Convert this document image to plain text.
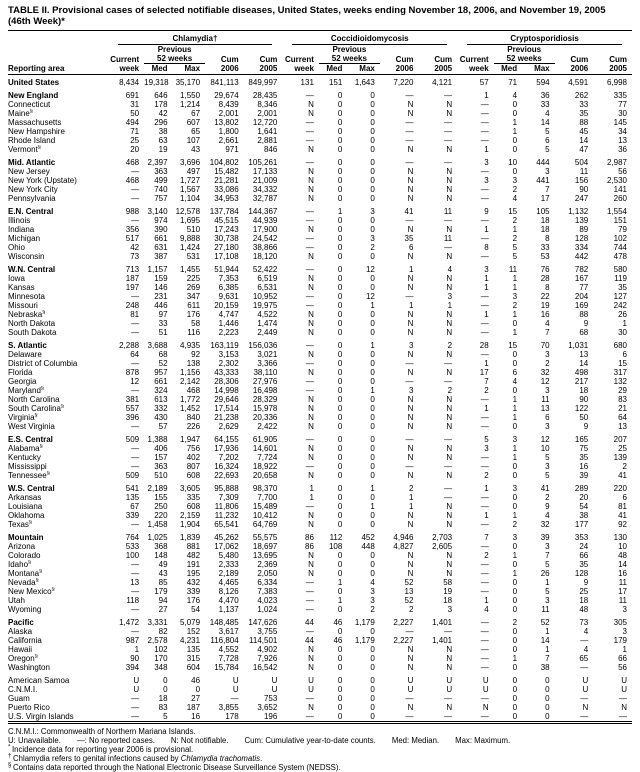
TABLE II. Provisional cases of selected notifiable diseases, United States, weeks ending November 18, 2006, and November 19, 2005
(46th Week)*

	Chlamydia†					Coccidioidomycosis					Cryptosporidiosis				

		Previous					Previous					Previous			
	Current	52 weeks		Cum	Cum	Current	52 weeks		Cum	Cum	Current	52 weeks		Cum	Cum
Reporting area	week	Med	Max	2006	2005	week	Med	Max	2006	2005	week	Med	Max	2006	2005
United States	8,434	19,318	35,170	841,113	849,997	131	151	1,643	7,220	4,121	57	71	594	4,591	6,998
New England	691	646	1,550	29,674	28,435	—	0	0	—	—	1	4	36	262	335
Connecticut	31	178	1,214	8,439	8,346	N	0	0	N	N	—	0	33	33	77
Maine§	50	42	67	2,001	2,001	N	0	0	N	N	—	0	4	35	30
Massachusetts	494	296	607	13,802	12,720	—	0	0	—	—	—	1	14	88	145
New Hampshire	71	38	65	1,800	1,641	—	0	0	—	—	—	1	5	45	34
Rhode Island	25	63	107	2,661	2,881	—	0	0	—	—	—	0	6	14	13
Vermont§	20	19	43	971	846	N	0	0	N	N	1	0	5	47	36
Mid. Atlantic	468	2,397	3,696	104,802	105,261	—	0	0	—	—	3	10	444	504	2,987
New Jersey	—	363	497	15,482	17,133	N	0	0	N	N	—	0	3	11	56
New York (Upstate)	468	499	1,727	21,281	21,009	N	0	0	N	N	3	3	441	156	2,530
New York City	—	740	1,567	33,086	34,332	N	0	0	N	N	—	2	7	90	141
Pennsylvania	—	757	1,104	34,953	32,787	N	0	0	N	N	—	4	17	247	260
E.N. Central	988	3,140	12,578	137,784	144,367	—	1	3	41	11	9	15	105	1,132	1,554
Illinois	—	974	1,695	45,515	44,939	—	0	0	—	—	—	2	18	139	151
Indiana	356	390	510	17,243	17,900	N	0	0	N	N	1	1	18	89	79
Michigan	517	661	9,888	30,738	24,542	—	0	3	35	11	—	2	8	128	102
Ohio	42	631	1,424	27,180	38,866	—	0	2	6	—	8	5	33	334	744
Wisconsin	73	387	531	17,108	18,120	N	0	0	N	N	—	5	53	442	478
W.N. Central	713	1,157	1,455	51,944	52,422	—	0	12	1	4	3	11	76	782	580
Iowa	187	159	225	7,353	6,519	N	0	0	N	N	1	1	28	167	119
Kansas	197	146	269	6,385	6,531	N	0	0	N	N	1	1	8	77	35
Minnesota	—	231	347	9,631	10,952	—	0	12	—	3	—	3	22	204	127
Missouri	248	446	611	20,159	19,975	—	0	1	1	1	—	2	19	169	242
Nebraska§	81	97	176	4,747	4,522	N	0	0	N	N	1	1	16	88	26
North Dakota	—	33	58	1,446	1,474	N	0	0	N	N	—	0	4	9	1
South Dakota	—	51	116	2,223	2,449	N	0	0	N	N	—	1	7	68	30
S. Atlantic	2,288	3,688	4,935	163,119	156,036	—	0	1	3	2	28	15	70	1,031	680
Delaware	64	68	92	3,153	3,021	N	0	0	N	N	—	0	3	13	6
District of Columbia	—	52	138	2,302	3,366	—	0	0	—	—	1	0	2	14	15
Florida	878	957	1,156	43,333	38,110	N	0	0	N	N	17	6	32	498	317
Georgia	12	661	2,142	28,306	27,976	—	0	0	—	—	7	4	12	217	132
Maryland§	—	324	468	14,998	16,498	—	0	1	3	2	2	0	3	18	29
North Carolina	381	613	1,772	29,646	28,329	N	0	0	N	N	—	1	11	90	83
South Carolina§	557	332	1,452	17,514	15,978	N	0	0	N	N	1	1	13	122	21
Virginia§	396	430	840	21,238	20,336	N	0	0	N	N	—	1	6	50	64
West Virginia	—	57	226	2,629	2,422	N	0	0	N	N	—	0	3	9	13
E.S. Central	509	1,388	1,947	64,155	61,905	—	0	0	—	—	5	3	12	165	207
Alabama§	—	406	756	17,936	14,601	N	0	0	N	N	3	1	10	75	25
Kentucky	—	157	402	7,202	7,724	N	0	0	N	N	—	1	5	35	139
Mississippi	—	363	807	16,324	18,922	—	0	0	—	—	—	0	3	16	2
Tennessee§	509	510	608	22,693	20,658	N	0	0	N	N	2	0	5	39	41
W.S. Central	541	2,189	3,605	95,888	98,370	1	0	1	2	—	1	3	41	289	220
Arkansas	135	155	335	7,309	7,700	1	0	0	1	—	—	0	2	20	6
Louisiana	67	250	608	11,806	15,489	—	0	1	1	N	—	0	9	54	81
Oklahoma	339	220	2,159	11,232	10,412	N	0	0	N	N	1	1	4	38	41
Texas§	—	1,458	1,904	65,541	64,769	N	0	0	N	N	—	2	32	177	92
Mountain	764	1,025	1,839	45,262	55,575	86	112	452	4,946	2,703	7	3	39	353	130
Arizona	533	368	881	17,062	18,697	86	108	448	4,827	2,605	—	0	3	24	10
Colorado	100	148	482	5,480	13,695	N	0	0	N	N	2	1	7	66	48
Idaho§	—	49	191	2,333	2,369	N	0	0	N	N	—	0	5	35	14
Montana§	—	43	195	2,189	2,050	N	0	0	N	N	—	1	26	128	16
Nevada§	13	85	432	4,465	6,334	—	1	4	52	58	—	0	1	9	11
New Mexico§	—	179	339	8,126	7,383	—	0	3	13	19	—	0	5	25	17
Utah	118	94	176	4,470	4,023	—	1	3	52	18	1	0	3	18	11
Wyoming	—	27	54	1,137	1,024	—	0	2	2	3	4	0	11	48	3
Pacific	1,472	3,331	5,079	148,485	147,626	44	46	1,179	2,227	1,401	—	2	52	73	305
Alaska	—	82	152	3,617	3,755	—	0	0	—	—	—	0	1	4	3
California	987	2,578	4,231	116,804	114,501	44	46	1,179	2,227	1,401	—	0	14	—	179
Hawaii	1	102	135	4,552	4,902	N	0	0	N	N	—	0	1	4	1
Oregon§	90	170	315	7,728	7,926	N	0	0	N	N	—	1	7	65	66
Washington	394	348	604	15,784	16,542	N	0	0	N	N	—	0	38	—	56
American Samoa	U	0	46	U	U	U	0	0	U	U	U	0	0	U	U
C.N.M.I.	U	0	0	U	U	U	0	0	U	U	U	0	0	U	U
Guam	—	18	27	—	753	—	0	0	—	—	—	0	0	—	—
Puerto Rico	—	83	187	3,855	3,652	N	0	0	N	N	N	0	0	N	N
U.S. Virgin Islands	—	5	16	178	196	—	0	0	—	—	—	0	0	—	—
C.N.M.I.: Commonwealth of Northern Mariana Islands.
U: Unavailable. —: No reported cases. N: Not notifiable. Cum: Cumulative year-to-date counts. Med: Median. Max: Maximum.
* Incidence data for reporting year 2006 is provisional.
† Chlamydia refers to genital infections caused by Chlamydia trachomatis.
§ Contains data reported through the National Electronic Disease Surveillance System (NEDSS).
